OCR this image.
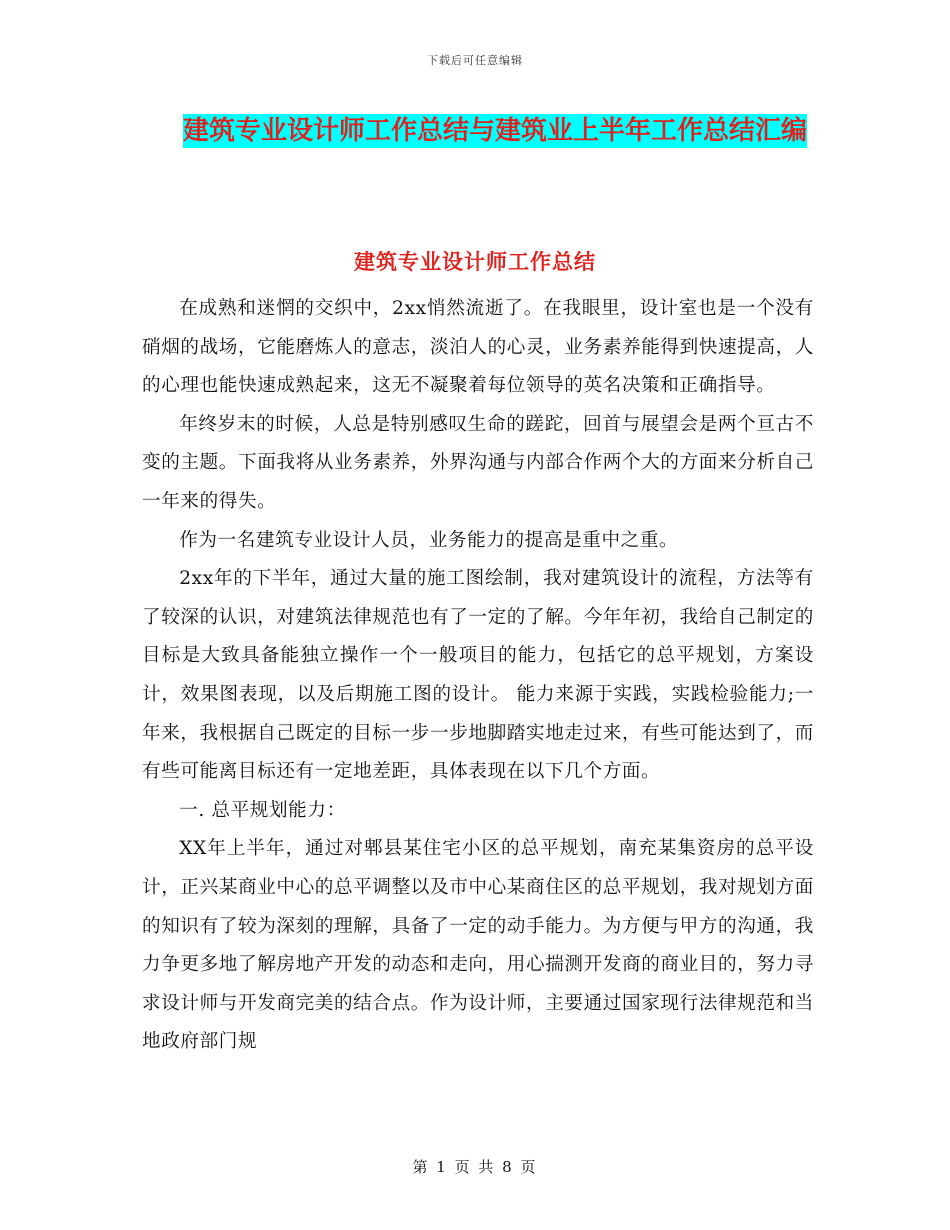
下载后可任意编辑
建筑专业设计师工作总结与建筑业上半年工作总结汇编
建筑专业设计师工作总结

在成熟和迷惘的交织中，2xx悄然流逝了。在我眼里，设计室也是一个没有硝烟的战场，它能磨炼人的意志，淡泊人的心灵，业务素养能得到快速提高，人的心理也能快速成熟起来，这无不凝聚着每位领导的英名决策和正确指导。

年终岁末的时候，人总是特别感叹生命的蹉跎，回首与展望会是两个亘古不变的主题。下面我将从业务素养，外界沟通与内部合作两个大的方面来分析自己一年来的得失。

作为一名建筑专业设计人员，业务能力的提高是重中之重。

2xx年的下半年，通过大量的施工图绘制，我对建筑设计的流程，方法等有了较深的认识，对建筑法律规范也有了一定的了解。今年年初，我给自己制定的目标是大致具备能独立操作一个一般项目的能力，包括它的总平规划，方案设计，效果图表现，以及后期施工图的设计。 能力来源于实践，实践检验能力;一年来，我根据自己既定的目标一步一步地脚踏实地走过来，有些可能达到了，而有些可能离目标还有一定地差距，具体表现在以下几个方面。

一. 总平规划能力：

XX年上半年，通过对郫县某住宅小区的总平规划，南充某集资房的总平设计，正兴某商业中心的总平调整以及市中心某商住区的总平规划，我对规划方面的知识有了较为深刻的理解，具备了一定的动手能力。为方便与甲方的沟通，我力争更多地了解房地产开发的动态和走向，用心揣测开发商的商业目的，努力寻求设计师与开发商完美的结合点。作为设计师，主要通过国家现行法律规范和当地政府部门规

第 1 页 共 8 页
